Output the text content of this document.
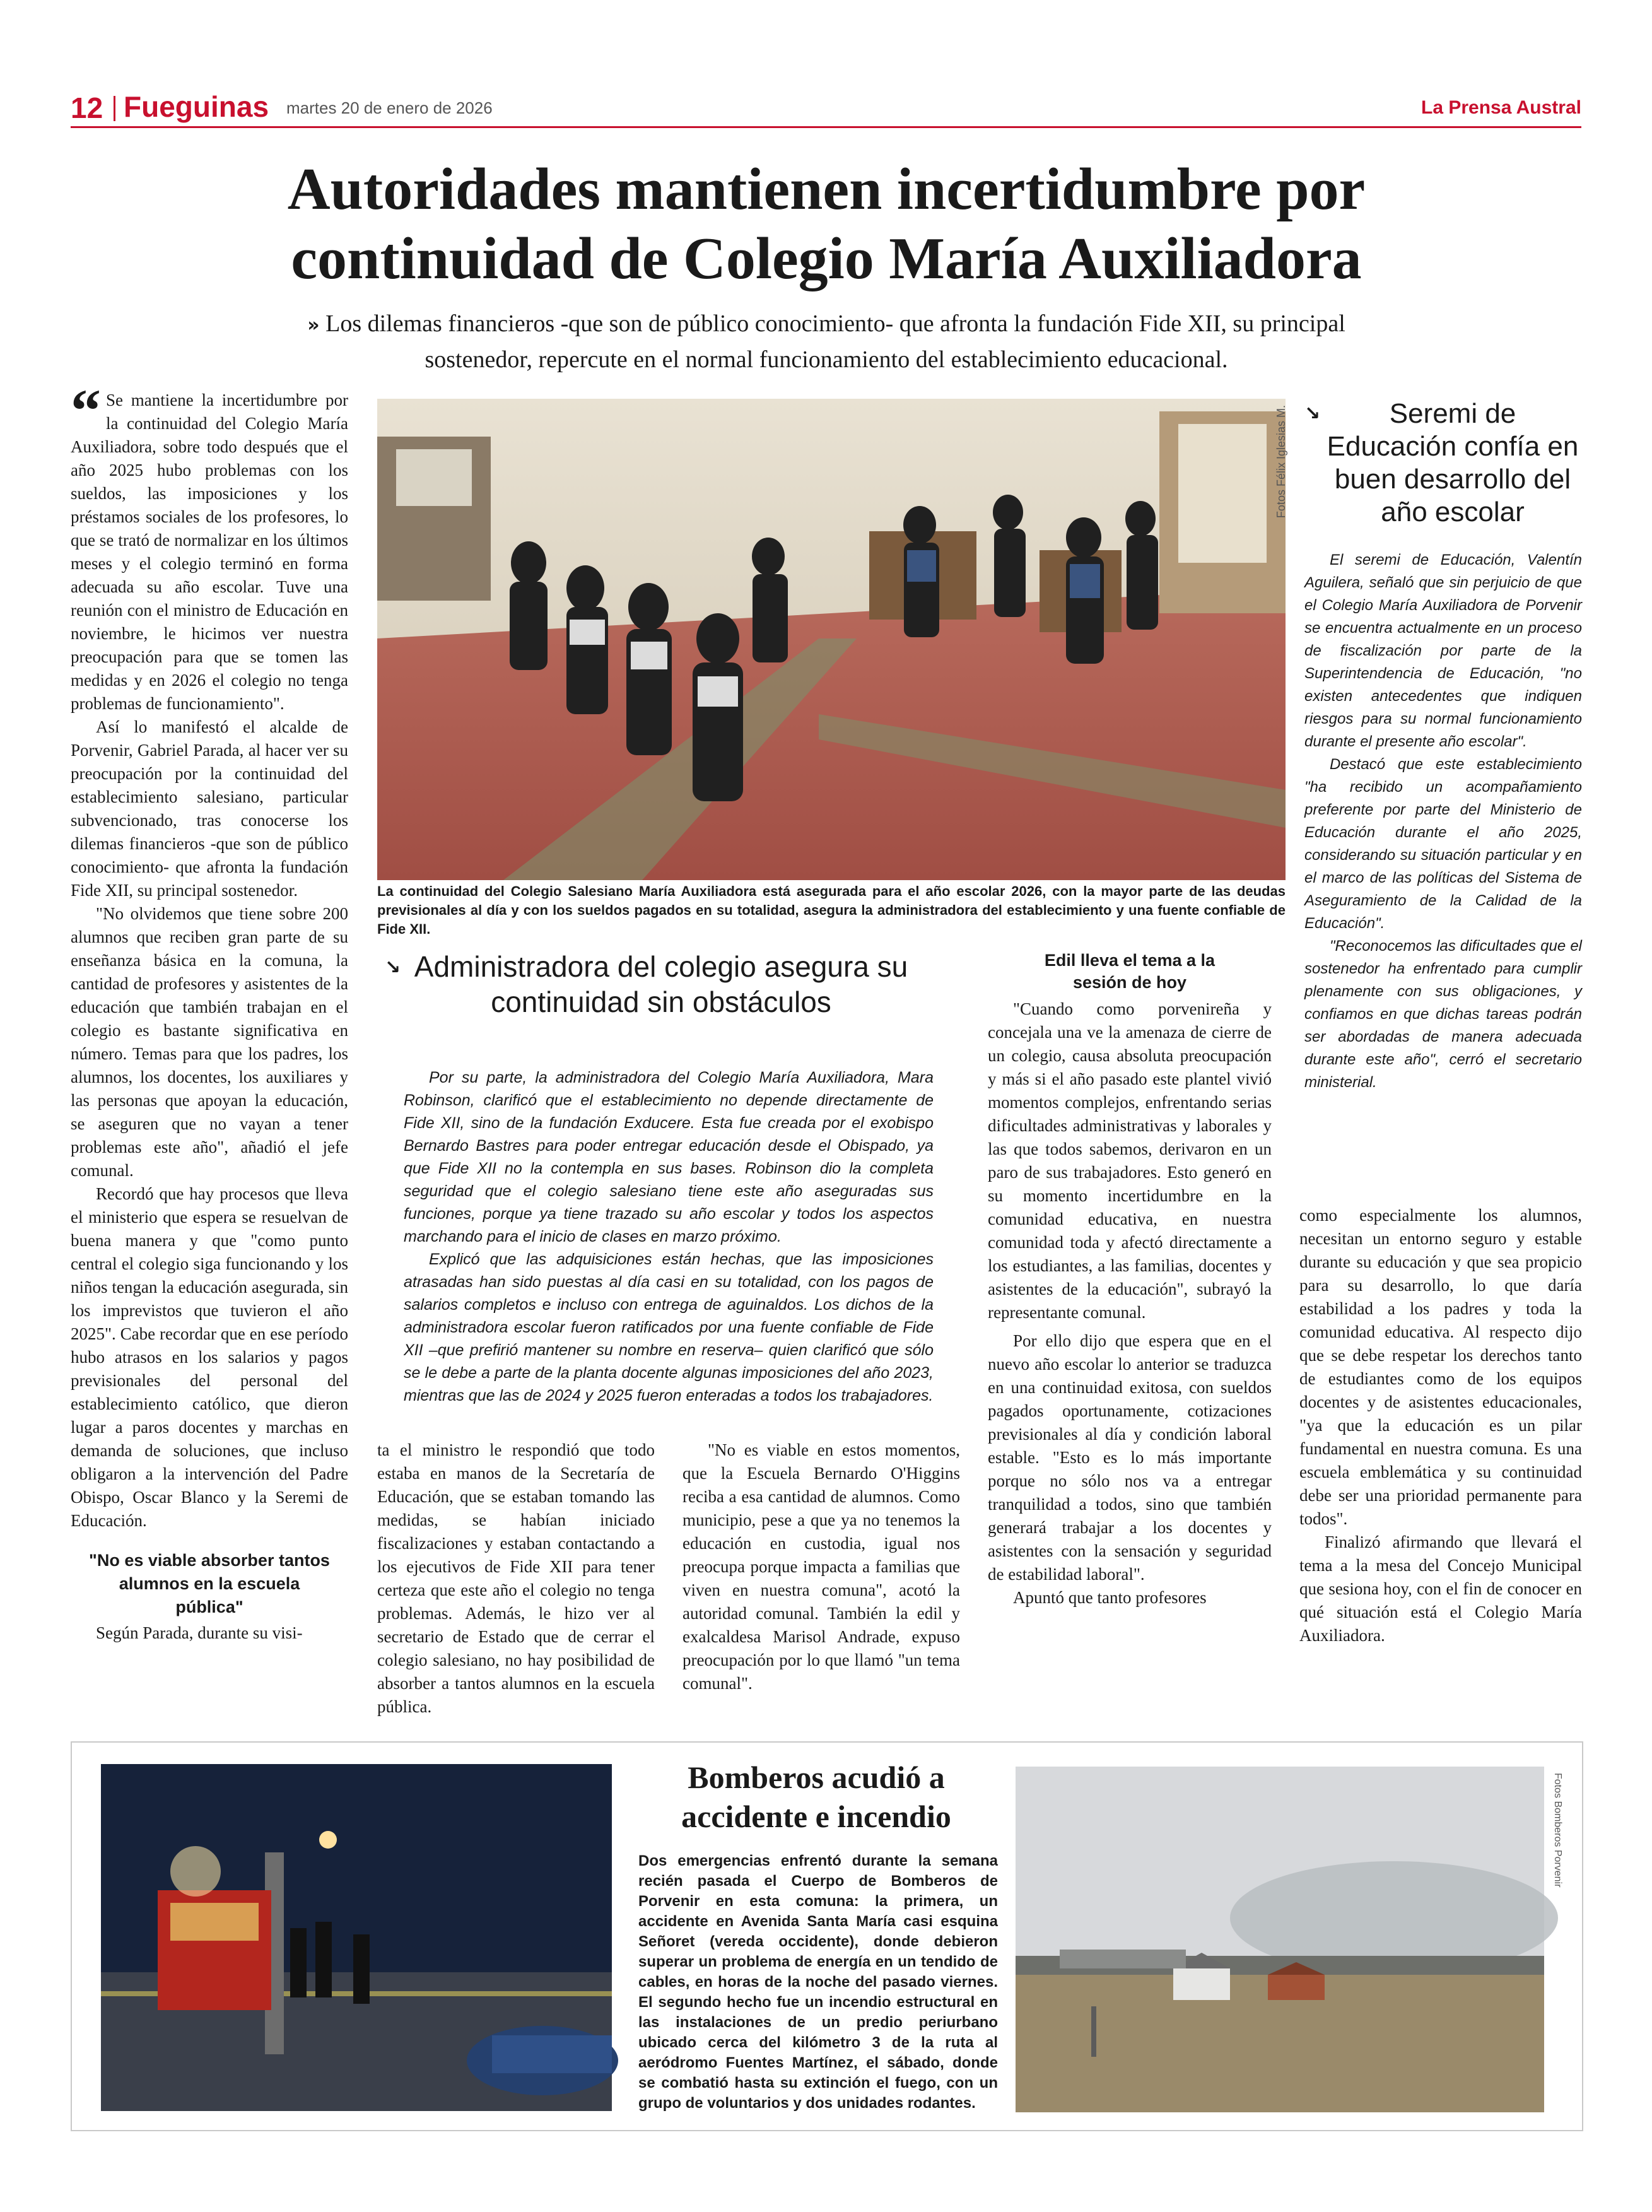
12 Fueguinas martes 20 de enero de 2026	La Prensa Austral
Autoridades mantienen incertidumbre por continuidad de Colegio María Auxiliadora
» Los dilemas financieros -que son de público conocimiento- que afronta la fundación Fide XII, su principal sostenedor, repercute en el normal funcionamiento del establecimiento educacional.

“ Se mantiene la incertidumbre por la continuidad del Colegio María Auxiliadora, sobre todo después que el año 2025 hubo problemas con los sueldos, las imposiciones y los préstamos sociales de los profesores, lo que se trató de normalizar en los últimos meses y el colegio terminó en forma adecuada su año escolar. Tuve una reunión con el ministro de Educación en noviembre, le hicimos ver nuestra preocupación para que se tomen las medidas y en 2026 el colegio no tenga problemas de funcionamiento".

Así lo manifestó el alcalde de Porvenir, Gabriel Parada, al hacer ver su preocupación por la continuidad del establecimiento salesiano, particular subvencionado, tras conocerse los dilemas financieros -que son de público conocimiento- que afronta la fundación Fide XII, su principal sostenedor.

"No olvidemos que tiene sobre 200 alumnos que reciben gran parte de su enseñanza básica en la comuna, la cantidad de profesores y asistentes de la educación que también trabajan en el colegio es bastante significativa en número. Temas para que los padres, los alumnos, los docentes, los auxiliares y las personas que apoyan la educación, se aseguren que no vayan a tener problemas este año", añadió el jefe comunal.

Recordó que hay procesos que lleva el ministerio que espera se resuelvan de buena manera y que "como punto central el colegio siga funcionando y los niños tengan la educación asegurada, sin los imprevistos que tuvieron el año 2025". Cabe recordar que en ese período hubo atrasos en los salarios y pagos previsionales del personal del establecimiento católico, que dieron lugar a paros docentes y marchas en demanda de soluciones, que incluso obligaron a la intervención del Padre Obispo, Oscar Blanco y la Seremi de Educación.

"No es viable absorber tantos alumnos en la escuela pública"

Según Parada, durante su visi-

Fotos Félix Iglesias M.
La continuidad del Colegio Salesiano María Auxiliadora está asegurada para el año escolar 2026, con la mayor parte de las deudas previsionales al día y con los sueldos pagados en su totalidad, asegura la administradora del establecimiento y una fuente confiable de Fide XII.
↘ Administradora del colegio asegura su continuidad sin obstáculos

Por su parte, la administradora del Colegio María Auxiliadora, Mara Robinson, clarificó que el establecimiento no depende directamente de Fide XII, sino de la fundación Exducere. Esta fue creada por el exobispo Bernardo Bastres para poder entregar educación desde el Obispado, ya que Fide XII no la contempla en sus bases. Robinson dio la completa seguridad que el colegio salesiano tiene este año aseguradas sus funciones, porque ya tiene trazado su año escolar y todos los aspectos marchando para el inicio de clases en marzo próximo.

Explicó que las adquisiciones están hechas, que las imposiciones atrasadas han sido puestas al día casi en su totalidad, con los pagos de salarios completos e incluso con entrega de aguinaldos. Los dichos de la administradora escolar fueron ratificados por una fuente confiable de Fide XII –que prefirió mantener su nombre en reserva– quien clarificó que sólo se le debe a parte de la planta docente algunas imposiciones del año 2023, mientras que las de 2024 y 2025 fueron enteradas a todos los trabajadores.

ta el ministro le respondió que todo estaba en manos de la Secretaría de Educación, que se estaban tomando las medidas, se habían iniciado fiscalizaciones y estaban contactando a los ejecutivos de Fide XII para tener certeza que este año el colegio no tenga problemas. Además, le hizo ver al secretario de Estado que de cerrar el colegio salesiano, no hay posibilidad de absorber a tantos alumnos en la escuela pública.

"No es viable en estos momentos, que la Escuela Bernardo O'Higgins reciba a esa cantidad de alumnos. Como municipio, pese a que ya no tenemos la educación en custodia, igual nos preocupa porque impacta a familias que viven en nuestra comuna", acotó la autoridad comunal. También la edil y exalcaldesa Marisol Andrade, expuso preocupación por lo que llamó "un tema comunal".

Edil lleva el tema a la sesión de hoy

"Cuando como porvenireña y concejala una ve la amenaza de cierre de un colegio, causa absoluta preocupación y más si el año pasado este plantel vivió momentos complejos, enfrentando serias dificultades administrativas y laborales y las que todos sabemos, derivaron en un paro de sus trabajadores. Esto generó en su momento incertidumbre en la comunidad educativa, en nuestra comunidad toda y afectó directamente a los estudiantes, a las familias, docentes y asistentes de la educación", subrayó la representante comunal.

Por ello dijo que espera que en el nuevo año escolar lo anterior se traduzca en una continuidad exitosa, con sueldos pagados oportunamente, cotizaciones previsionales al día y condición laboral estable. "Esto es lo más importante porque no sólo nos va a entregar tranquilidad a todos, sino que también generará trabajar a los docentes y asistentes con la sensación y seguridad de estabilidad laboral".

Apuntó que tanto profesores

como especialmente los alumnos, necesitan un entorno seguro y estable durante su educación y que sea propicio para su desarrollo, lo que daría estabilidad a los padres y toda la comunidad educativa. Al respecto dijo que se debe respetar los derechos tanto de estudiantes como de los equipos docentes y de asistentes educacionales, "ya que la educación es un pilar fundamental en nuestra comuna. Es una escuela emblemática y su continuidad debe ser una prioridad permanente para todos".

Finalizó afirmando que llevará el tema a la mesa del Concejo Municipal que sesiona hoy, con el fin de conocer en qué situación está el Colegio María Auxiliadora.

↘	Seremi de Educación confía en buen desarrollo del año escolar

El seremi de Educación, Valentín Aguilera, señaló que sin perjuicio de que el Colegio María Auxiliadora de Porvenir se encuentra actualmente en un proceso de fiscalización por parte de la Superintendencia de Educación, "no existen antecedentes que indiquen riesgos para su normal funcionamiento durante el presente año escolar".

Destacó que este establecimiento "ha recibido un acompañamiento preferente por parte del Ministerio de Educación durante el año 2025, considerando su situación particular y en el marco de las políticas del Sistema de Aseguramiento de la Calidad de la Educación".

"Reconocemos las dificultades que el sostenedor ha enfrentado para cumplir plenamente con sus obligaciones, y confiamos en que dichas tareas podrán ser abordadas de manera adecuada durante este año", cerró el secretario ministerial.

Bomberos acudió a accidente e incendio
Dos emergencias enfrentó durante la semana recién pasada el Cuerpo de Bomberos de Porvenir en esta comuna: la primera, un accidente en Avenida Santa María casi esquina Señoret (vereda occidente), donde debieron superar un problema de energía en un tendido de cables, en horas de la noche del pasado viernes. El segundo hecho fue un incendio estructural en las instalaciones de un predio periurbano ubicado cerca del kilómetro 3 de la ruta al aeródromo Fuentes Martínez, el sábado, donde se combatió hasta su extinción el fuego, con un grupo de voluntarios y dos unidades rodantes.
Fotos Bomberos Porvenir
